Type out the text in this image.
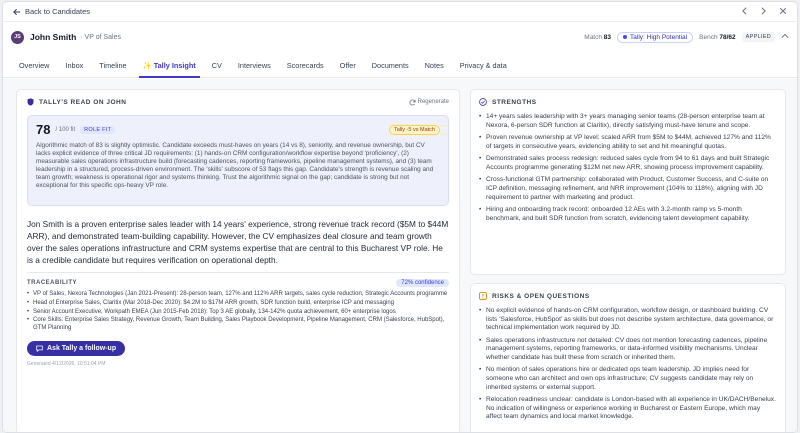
Back to Candidates
JS	John Smith · VP of Sales	Match 83	Tally: High Potential Bench 78/62	APPLIED
Overview	Inbox	Timeline	✨ Tally Insight	CV	Interviews	Scorecards	Offer	Documents	Notes	Privacy & data
TALLY'S READ ON JOHN	Regenerate
78 / 100 fit	ROLE FIT	Tally -5 vs Match
Algorithmic match of 83 is slightly optimistic. Candidate exceeds must-haves on years (14 vs 8), seniority, and revenue ownership, but CV lacks explicit evidence of three critical JD requirements: (1) hands-on CRM configuration/workflow expertise beyond 'proficiency', (2) measurable sales operations infrastructure build (forecasting cadences, reporting frameworks, pipeline management systems), and (3) team leadership in a structured, process-driven environment. The 'skills' subscore of 53 flags this gap. Candidate's strength is revenue scaling and team growth; weakness is operational rigor and systems thinking. Trust the algorithmic signal on the gap; candidate is strong but not exceptional for this specific ops-heavy VP role.
Jon Smith is a proven enterprise sales leader with 14 years' experience, strong revenue track record ($5M to $44M ARR), and demonstrated team-building capability. However, the CV emphasizes deal closure and team growth over the sales operations infrastructure and CRM systems expertise that are central to this Bucharest VP role. He is a credible candidate but requires verification on operational depth.
TRACEABILITY	72% confidence
• VP of Sales, Nexora Technologies (Jan 2021-Present): 28-person team, 127% and 112% ARR targets, sales cycle reduction, Strategic Accounts programme
• Head of Enterprise Sales, Claritix (Mar 2018-Dec 2020): $4.2M to $17M ARR growth, SDR function build, enterprise ICP and messaging
• Senior Account Executive, Workpath EMEA (Jun 2015-Feb 2018): Top 3 AE globally, 134-142% quota achievement, 60+ enterprise logos
• Core Skills: Enterprise Sales Strategy, Revenue Growth, Team Building, Sales Playbook Development, Pipeline Management, CRM (Salesforce, HubSpot), GTM Planning
Ask Tally a follow-up
Generated 4/12/2026, 10:51:04 PM
STRENGTHS
• 14+ years sales leadership with 3+ years managing senior teams (28-person enterprise team at Nexora, 6-person SDR function at Claritix), directly satisfying must-have tenure and scope.
• Proven revenue ownership at VP level: scaled ARR from $5M to $44M, achieved 127% and 112% of targets in consecutive years, evidencing ability to set and hit meaningful quotas.
• Demonstrated sales process redesign: reduced sales cycle from 94 to 61 days and built Strategic Accounts programme generating $12M net new ARR, showing process improvement capability.
• Cross-functional GTM partnership: collaborated with Product, Customer Success, and C-suite on ICP definition, messaging refinement, and NRR improvement (104% to 118%), aligning with JD requirement to partner with marketing and product.
• Hiring and onboarding track record: onboarded 12 AEs with 3.2-month ramp vs 5-month benchmark, and built SDR function from scratch, evidencing talent development capability.
RISKS & OPEN QUESTIONS
• No explicit evidence of hands-on CRM configuration, workflow design, or dashboard building. CV lists 'Salesforce, HubSpot' as skills but does not describe system architecture, data governance, or technical implementation work required by JD.
• Sales operations infrastructure not detailed: CV does not mention forecasting cadences, pipeline management systems, reporting frameworks, or data-informed visibility mechanisms. Unclear whether candidate has built these from scratch or inherited them.
• No mention of sales operations hire or dedicated ops team leadership. JD implies need for someone who can architect and own ops infrastructure; CV suggests candidate may rely on inherited systems or external support.
• Relocation readiness unclear: candidate is London-based with all experience in UK/DACH/Benelux. No indication of willingness or experience working in Bucharest or Eastern Europe, which may affect team dynamics and local market knowledge.
